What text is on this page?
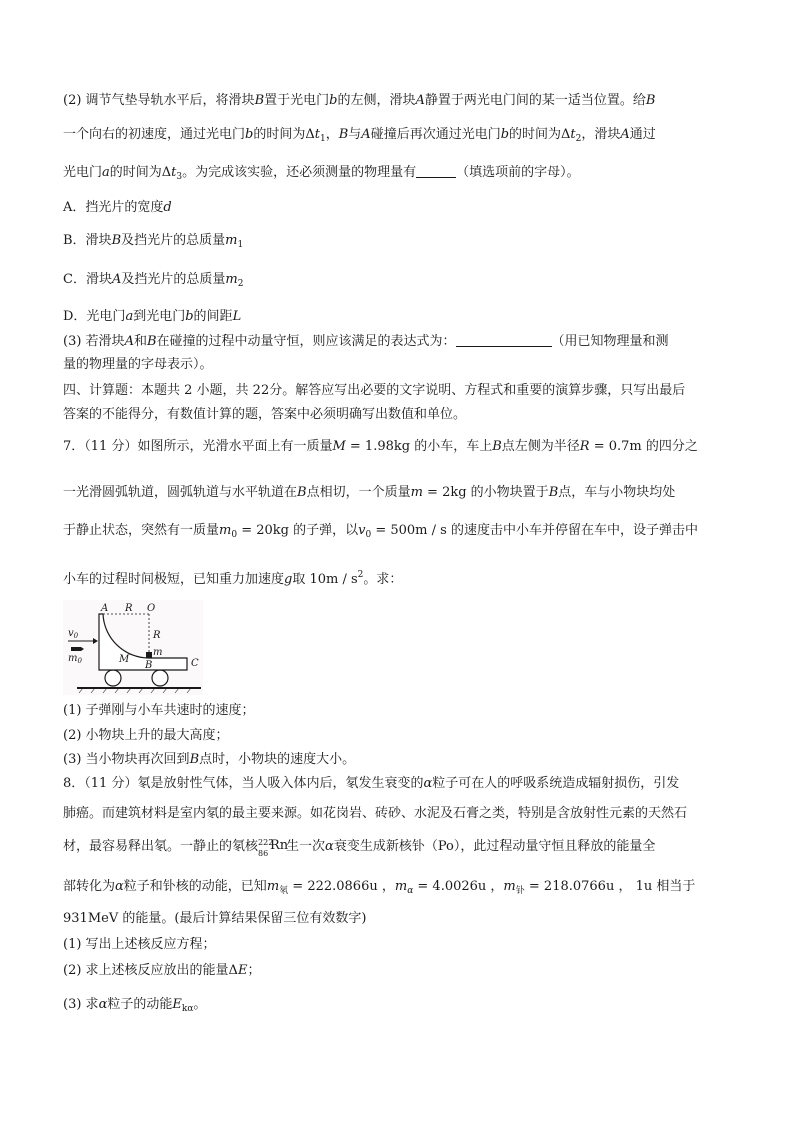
(2) 调节气垫导轨水平后，将滑块B置于光电门b的左侧，滑块A静置于两光电门间的某一适当位置。给B
一个向右的初速度，通过光电门b的时间为$\Delta t_1$，B与A碰撞后再次通过光电门b的时间为$\Delta t_2$，滑块A通过
光电门a的时间为$\Delta t_3$。为完成该实验，还必须测量的物理量有	（填选项前的字母）。
A．挡光片的宽度d
B．滑块B及挡光片的总质量$m_1$
C．滑块A及挡光片的总质量$m_2$
D．光电门a到光电门b的间距L
(3) 若滑块A和B在碰撞的过程中动量守恒，则应该满足的表达式为：	（用已知物理量和测
量的物理量的字母表示）。
四、计算题：本题共 2 小题，共 22分。解答应写出必要的文字说明、方程式和重要的演算步骤，只写出最后
答案的不能得分，有数值计算的题，答案中必须明确写出数值和单位。
7．（11 分）如图所示，光滑水平面上有一质量M = 1.98kg 的小车，车上B点左侧为半径R = 0.7m 的四分之
一光滑圆弧轨道，圆弧轨道与水平轨道在B点相切，一个质量m = 2kg 的小物块置于B点，车与小物块均处
于静止状态，突然有一质量$m_0 = 20kg$ 的子弹，以$v_0 = 500m / s$ 的速度击中小车并停留在车中，设子弹击中
小车的过程时间极短，已知重力加速度g取 $10m / s^2$。求：
A R O
R
m
M
B	C
$v_0$
$m_0$
(1) 子弹刚与小车共速时的速度；
(2) 小物块上升的最大高度；
(3) 当小物块再次回到B点时，小物块的速度大小。
8．（11 分）氡是放射性气体，当人吸入体内后，氡发生衰变的α粒子可在人的呼吸系统造成辐射损伤，引发
肺癌。而建筑材料是室内氡的最主要来源。如花岗岩、砖砂、水泥及石膏之类，特别是含放射性元素的天然石
材，最容易释出氡。一静止的氡核 222
86
Rn
生一次α衰变生成新核钋（Po），此过程动量守恒且释放的能量全
部转化为α粒子和钋核的动能，已知$m_氡 = 222.0866u$ ，$m_\alpha = 4.0026u$ ，$m_钋 = 218.0766u$ ， 1u 相当于
931MeV 的能量。(最后计算结果保留三位有效数字)
(1) 写出上述核反应方程；
(2) 求上述核反应放出的能量ΔE；
(3) 求α粒子的动能$E_{k\alpha}$。
